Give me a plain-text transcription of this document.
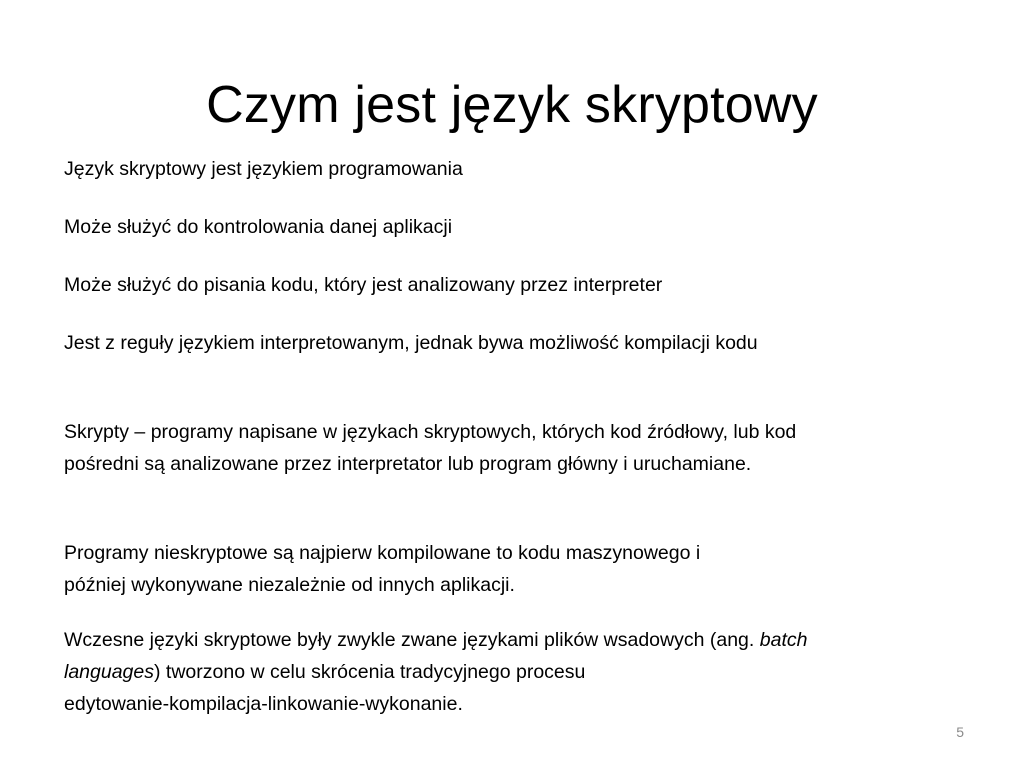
Czym jest język skryptowy

Język skryptowy jest językiem programowania

Może służyć do kontrolowania danej aplikacji

Może służyć do pisania kodu, który jest analizowany przez interpreter

Jest z reguły językiem interpretowanym, jednak bywa możliwość kompilacji kodu

Skrypty – programy napisane w językach skryptowych, których kod źródłowy, lub kod
pośredni są analizowane przez interpretator lub program główny i uruchamiane.

Programy nieskryptowe są najpierw kompilowane to kodu maszynowego i
później wykonywane niezależnie od innych aplikacji.

Wczesne języki skryptowe były zwykle zwane językami plików wsadowych (ang. batch
languages) tworzono w celu skrócenia tradycyjnego procesu
edytowanie-kompilacja-linkowanie-wykonanie.

5
